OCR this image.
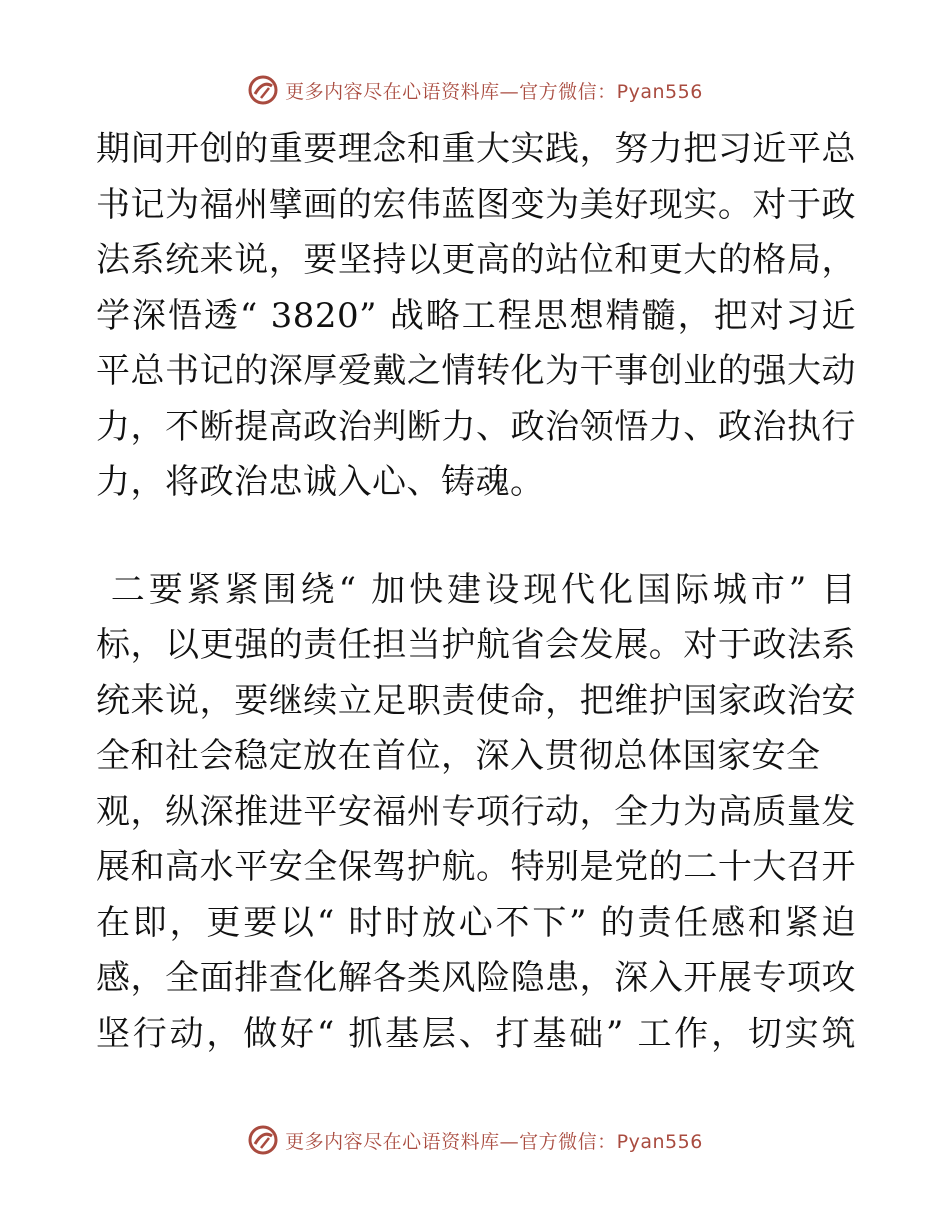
更多内容尽在心语资料库—官方微信：Pyan556
期间开创的重要理念和重大实践，努力把习近平总
书记为福州擘画的宏伟蓝图变为美好现实。对于政
法系统来说，要坚持以更高的站位和更大的格局，
学深悟透“ 3820” 战略工程思想精髓，把对习近
平总书记的深厚爱戴之情转化为干事创业的强大动
力，不断提高政治判断力、政治领悟力、政治执行
力，将政治忠诚入心、铸魂。
二要紧紧围绕“ 加快建设现代化国际城市” 目
标，以更强的责任担当护航省会发展。对于政法系
统来说，要继续立足职责使命，把维护国家政治安
全和社会稳定放在首位，深入贯彻总体国家安全
观，纵深推进平安福州专项行动，全力为高质量发
展和高水平安全保驾护航。特别是党的二十大召开
在即，更要以“ 时时放心不下” 的责任感和紧迫
感，全面排查化解各类风险隐患，深入开展专项攻
坚行动，做好“ 抓基层、打基础” 工作，切实筑
更多内容尽在心语资料库—官方微信：Pyan556
